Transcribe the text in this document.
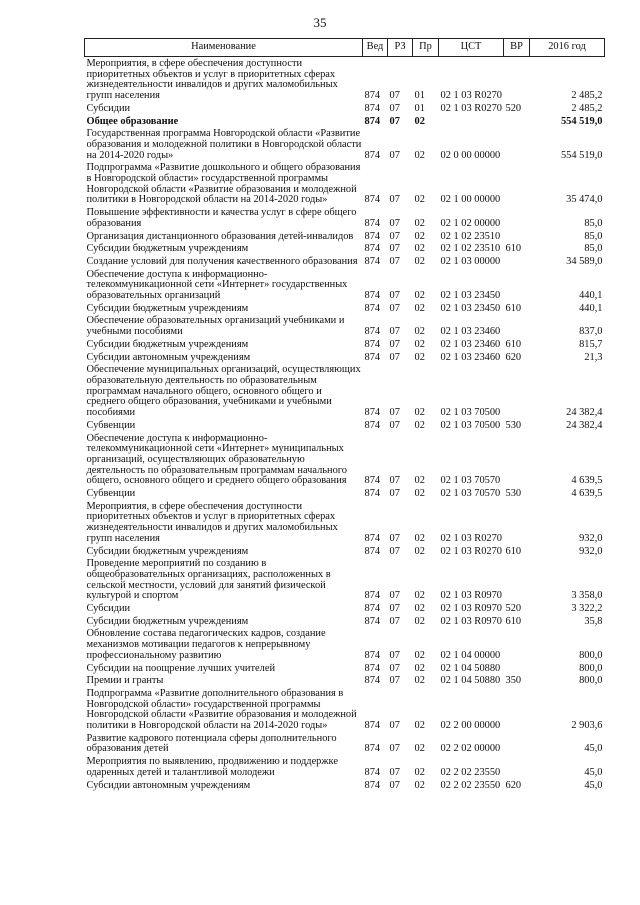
35
Наименование	Вед	РЗ	Пр	ЦСТ	ВР	2016 год
Мероприятия, в сфере обеспечения доступности приоритетных объектов и услуг в приоритетных сферах жизнедеятельности инвалидов и других маломобильных групп населения	874	07	01	02 1 03 R0270		2 485,2
Субсидии	874	07	01	02 1 03 R0270	520	2 485,2
Общее образование	874	07	02			554 519,0
Государственная программа Новгородской области «Развитие образования и молодежной политики в Новгородской области на 2014-2020 годы»	874	07	02	02 0 00 00000		554 519,0
Подпрограмма «Развитие дошкольного и общего образования в Новгородской области» государственной программы Новгородской области «Развитие образования и молодежной политики в Новгородской области на 2014-2020 годы»	874	07	02	02 1 00 00000		35 474,0
Повышение эффективности и качества услуг в сфере общего образования	874	07	02	02 1 02 00000		85,0
Организация дистанционного образования детей-инвалидов	874	07	02	02 1 02 23510		85,0
Субсидии бюджетным учреждениям	874	07	02	02 1 02 23510	610	85,0
Создание условий для получения качественного образования	874	07	02	02 1 03 00000		34 589,0
Обеспечение доступа к информационно-телекоммуникационной сети «Интернет» государственных образовательных организаций	874	07	02	02 1 03 23450		440,1
Субсидии бюджетным учреждениям	874	07	02	02 1 03 23450	610	440,1
Обеспечение образовательных организаций учебниками и учебными пособиями	874	07	02	02 1 03 23460		837,0
Субсидии бюджетным учреждениям	874	07	02	02 1 03 23460	610	815,7
Субсидии автономным учреждениям	874	07	02	02 1 03 23460	620	21,3
Обеспечение муниципальных организаций, осуществляющих образовательную деятельность по образовательным программам начального общего, основного общего и среднего общего образования, учебниками и учебными пособиями	874	07	02	02 1 03 70500		24 382,4
Субвенции	874	07	02	02 1 03 70500	530	24 382,4
Обеспечение доступа к информационно-телекоммуникационной сети «Интернет» муниципальных организаций, осуществляющих образовательную деятельность по образовательным программам начального общего, основного общего и среднего общего образования	874	07	02	02 1 03 70570		4 639,5
Субвенции	874	07	02	02 1 03 70570	530	4 639,5
Мероприятия, в сфере обеспечения доступности приоритетных объектов и услуг в приоритетных сферах жизнедеятельности инвалидов и других маломобильных групп населения	874	07	02	02 1 03 R0270		932,0
Субсидии бюджетным учреждениям	874	07	02	02 1 03 R0270	610	932,0
Проведение мероприятий по созданию в общеобразовательных организациях, расположенных в сельской местности, условий для занятий физической культурой и спортом	874	07	02	02 1 03 R0970		3 358,0
Субсидии	874	07	02	02 1 03 R0970	520	3 322,2
Субсидии бюджетным учреждениям	874	07	02	02 1 03 R0970	610	35,8
Обновление состава педагогических кадров, создание механизмов мотивации педагогов к непрерывному профессиональному развитию	874	07	02	02 1 04 00000		800,0
Субсидии на поощрение лучших учителей	874	07	02	02 1 04 50880		800,0
Премии и гранты	874	07	02	02 1 04 50880	350	800,0
Подпрограмма «Развитие дополнительного образования в Новгородской области» государственной программы Новгородской области «Развитие образования и молодежной политики в Новгородской области на 2014-2020 годы»	874	07	02	02 2 00 00000		2 903,6
Развитие кадрового потенциала сферы дополнительного образования детей	874	07	02	02 2 02 00000		45,0
Мероприятия по выявлению, продвижению и поддержке одаренных детей и талантливой молодежи	874	07	02	02 2 02 23550		45,0
Субсидии автономным учреждениям	874	07	02	02 2 02 23550	620	45,0
